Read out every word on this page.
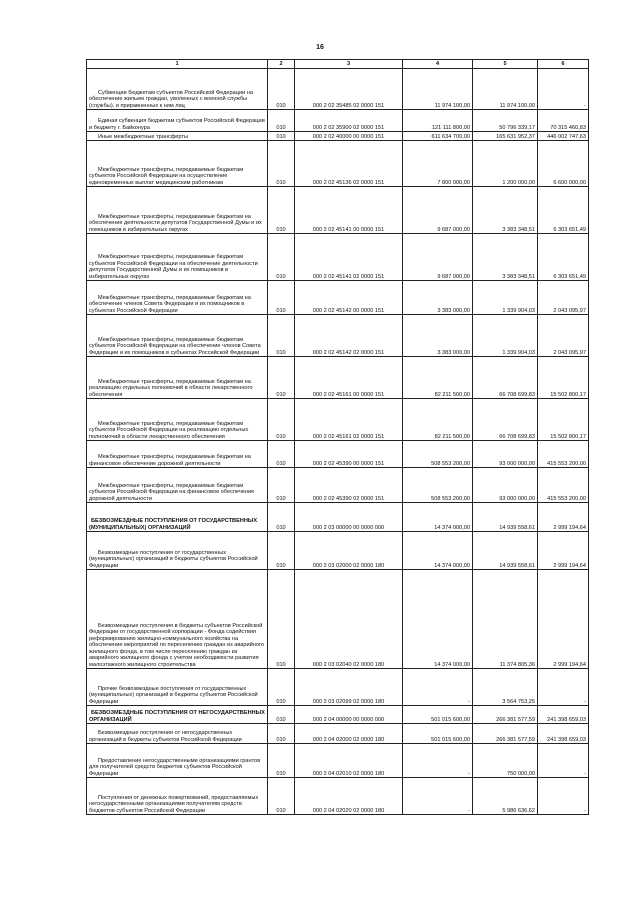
16
1	2	3	4	5	6
Субвенции бюджетам субъектов Российской Федерации на обеспечение жильем граждан, уволенных с военной службы (службы), и приравненных к ним лиц	010	000 2 02 35485 02 0000 151	11 974 100,00	11 974 100,00	-
Единая субвенция бюджетам субъектов Российской Федерации и бюджету г. Байконура	010	000 2 02 35900 02 0000 151	121 111 800,00	50 796 339,17	70 315 460,83
Иные межбюджетные трансферты	010	000 2 02 40000 00 0000 151	611 634 700,00	165 631 952,37	446 002 747,63
Межбюджетные трансферты, передаваемые бюджетам субъектов Российской Федерации на осуществление единовременных выплат медицинским работникам	010	000 2 02 45136 02 0000 151	7 800 000,00	1 200 000,00	6 600 000,00
Межбюджетные трансферты, передаваемые бюджетам на обеспечение деятельности депутатов Государственной Думы и их помощников в избирательных округах	010	000 2 02 45141 00 0000 151	9 687 000,00	3 383 348,51	6 303 651,49
Межбюджетные трансферты, передаваемые бюджетам субъектов Российской Федерации на обеспечение деятельности депутатов Государственной Думы и их помощников в избирательных округах	010	000 2 02 45141 02 0000 151	9 687 000,00	3 383 348,51	6 303 651,49
Межбюджетные трансферты, передаваемые бюджетам на обеспечение членов Совета Федерации и их помощников в субъектах Российской Федерации	010	000 2 02 45142 00 0000 151	3 383 000,00	1 339 904,03	2 043 095,97
Межбюджетные трансферты, передаваемые бюджетам субъектов Российской Федерации на обеспечение членов Совета Федерации и их помощников в субъектах Российской Федерации	010	000 2 02 45142 02 0000 151	3 383 000,00	1 339 904,03	2 043 095,97
Межбюджетные трансферты, передаваемые бюджетам на реализацию отдельных полномочий в области лекарственного обеспечения	010	000 2 02 45161 00 0000 151	82 211 500,00	66 708 699,83	15 502 800,17
Межбюджетные трансферты, передаваемые бюджетам субъектов Российской Федерации на реализацию отдельных полномочий в области лекарственного обеспечения	010	000 2 02 45161 02 0000 151	82 211 500,00	66 708 699,83	15 502 800,17
Межбюджетные трансферты, передаваемые бюджетам на финансовое обеспечение дорожной деятельности	010	000 2 02 45390 00 0000 151	508 553 200,00	93 000 000,00	415 553 200,00
Межбюджетные трансферты, передаваемые бюджетам субъектов Российской Федерации на финансовое обеспечение дорожной деятельности	010	000 2 02 45390 02 0000 151	508 553 200,00	93 000 000,00	415 553 200,00
БЕЗВОЗМЕЗДНЫЕ ПОСТУПЛЕНИЯ ОТ ГОСУДАРСТВЕННЫХ (МУНИЦИПАЛЬНЫХ) ОРГАНИЗАЦИЙ	010	000 2 03 00000 00 0000 000	14 374 000,00	14 939 558,61	2 999 194,64
Безвозмездные поступления от государственных (муниципальных) организаций в бюджеты субъектов Российской Федерации	010	000 2 03 02000 02 0000 180	14 374 000,00	14 939 558,61	2 999 194,64
Безвозмездные поступления в бюджеты субъектов Российской Федерации от государственной корпорации - Фонда содействия реформированию жилищно-коммунального хозяйства на обеспечение мероприятий по переселению граждан из аварийного жилищного фонда, в том числе переселению граждан из аварийного жилищного фонда с учетом необходимости развития малоэтажного жилищного строительства	010	000 2 03 02040 02 0000 180	14 374 000,00	11 374 805,36	2 999 194,64
Прочие безвозмездные поступления от государственных (муниципальных) организаций в бюджеты субъектов Российской Федерации	010	000 2 03 02099 02 0000 180	-	3 564 753,25	-
БЕЗВОЗМЕЗДНЫЕ ПОСТУПЛЕНИЯ ОТ НЕГОСУДАРСТВЕННЫХ ОРГАНИЗАЦИЙ	010	000 2 04 00000 00 0000 000	501 015 600,00	266 381 577,59	241 398 659,03
Безвозмездные поступления от негосударственных организаций в бюджеты субъектов Российской Федерации	010	000 2 04 02000 02 0000 180	501 015 600,00	266 381 577,59	241 398 659,03
Предоставление негосударственными организациями грантов для получателей средств бюджетов субъектов Российской Федерации	010	000 2 04 02010 02 0000 180	-	750 000,00	-
Поступления от денежных пожертвований, предоставляемых негосударственными организациями получателям средств бюджетов субъектов Российской Федерации	010	000 2 04 02020 02 0000 180	-	5 986 636,62	-
